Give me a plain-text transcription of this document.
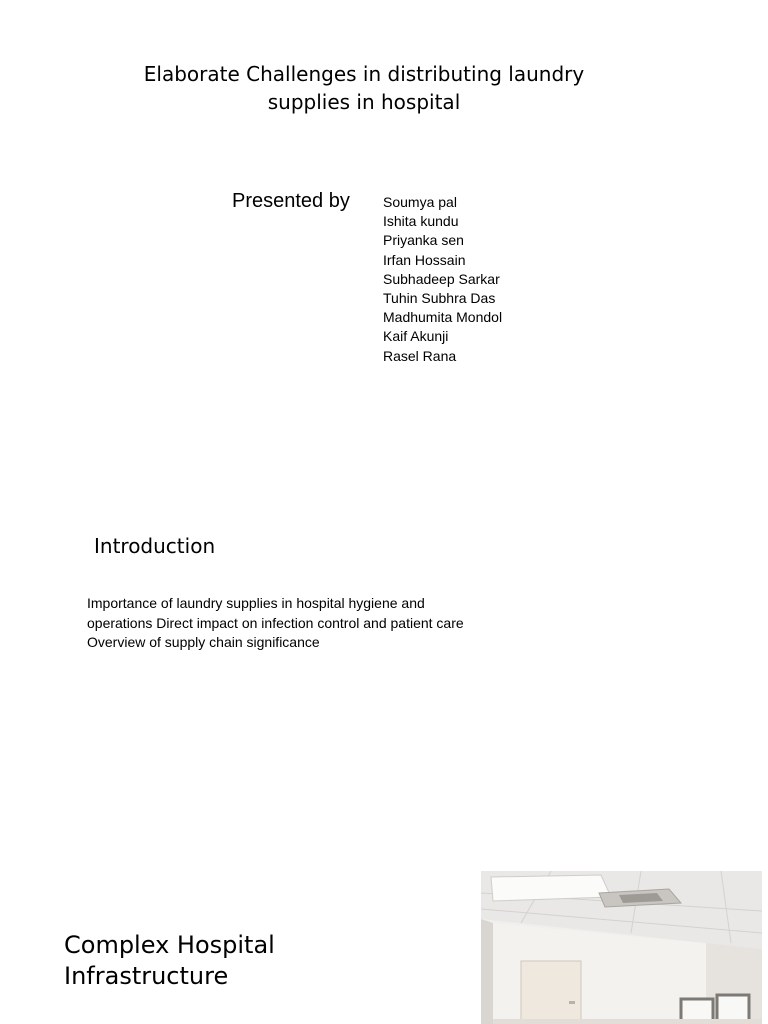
Elaborate Challenges in distributing laundry supplies in hospital
Presented by Soumya pal
Ishita kundu
Priyanka sen
Irfan Hossain
Subhadeep Sarkar
Tuhin Subhra Das
Madhumita Mondol
Kaif Akunji
Rasel Rana
Introduction
Importance of laundry supplies in hospital hygiene and operations Direct impact on infection control and patient care Overview of supply chain significance
Complex Hospital Infrastructure
